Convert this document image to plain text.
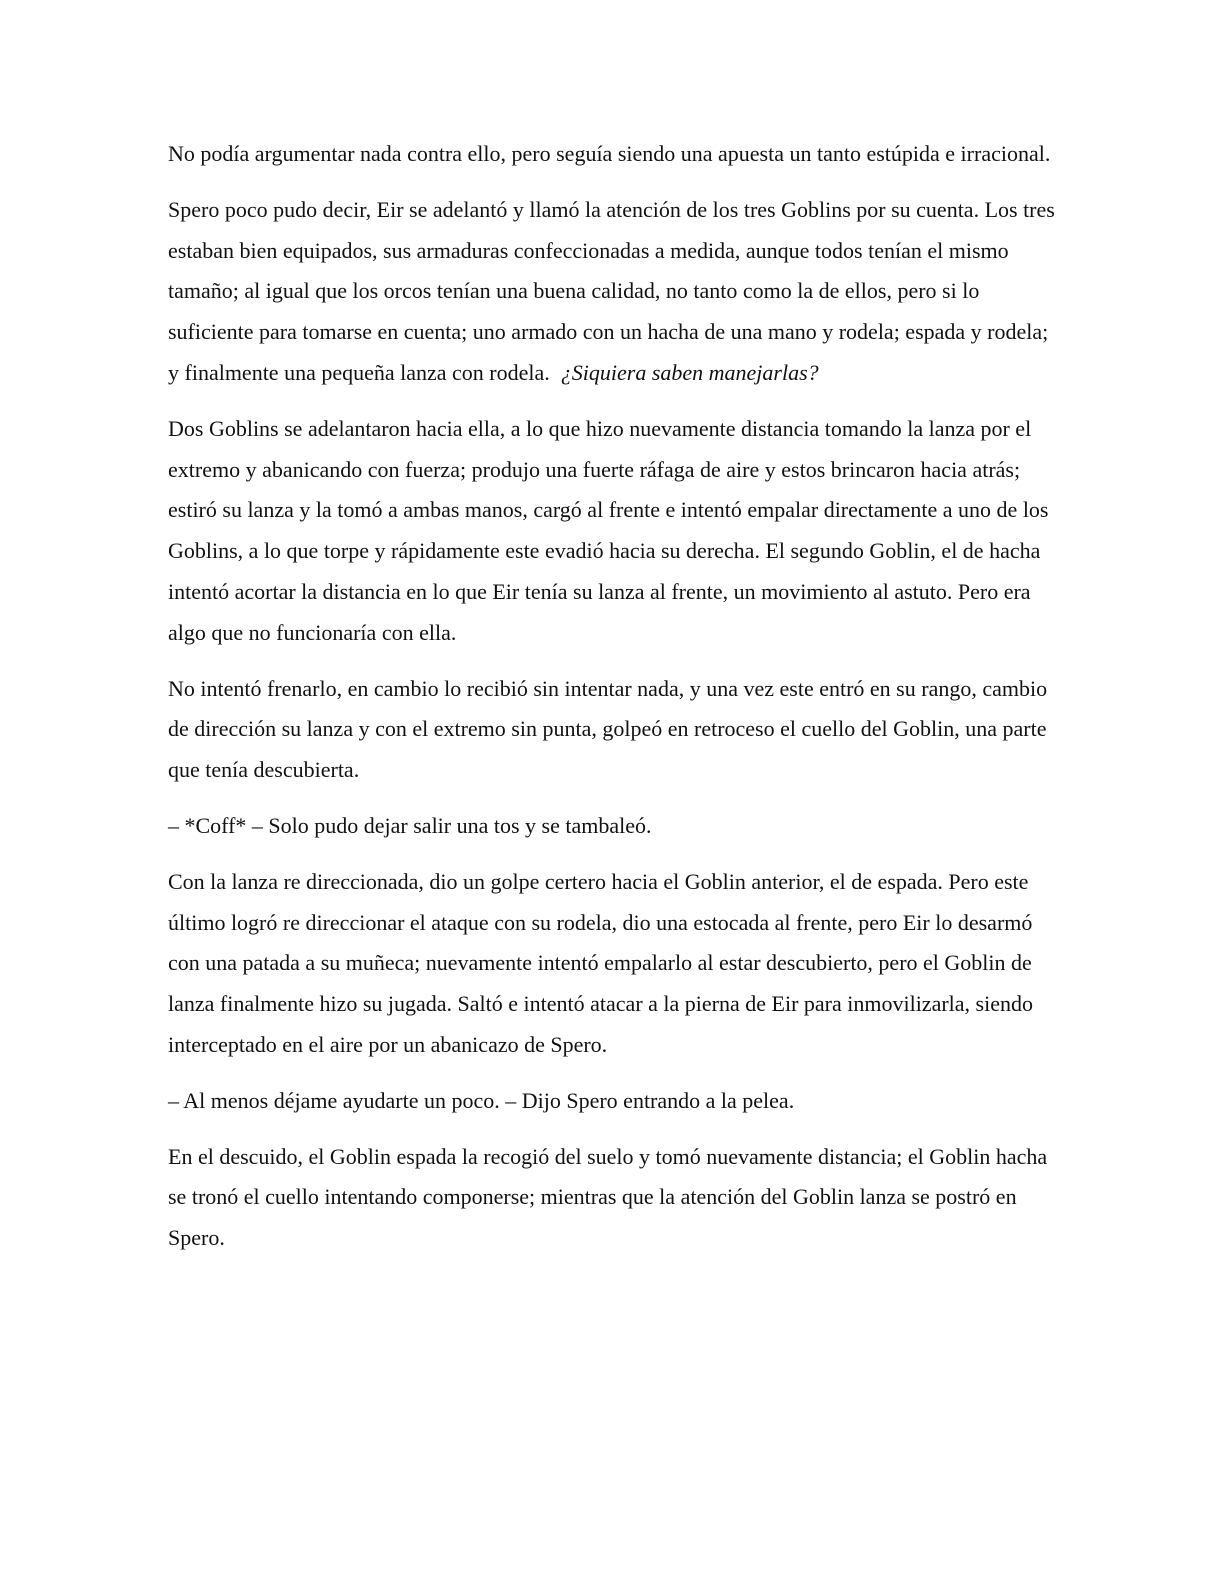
No podía argumentar nada contra ello, pero seguía siendo una apuesta un tanto estúpida e irracional.

Spero poco pudo decir, Eir se adelantó y llamó la atención de los tres Goblins por su cuenta. Los tres estaban bien equipados, sus armaduras confeccionadas a medida, aunque todos tenían el mismo tamaño; al igual que los orcos tenían una buena calidad, no tanto como la de ellos, pero si lo suficiente para tomarse en cuenta; uno armado con un hacha de una mano y rodela; espada y rodela; y finalmente una pequeña lanza con rodela. ¿Siquiera saben manejarlas?

Dos Goblins se adelantaron hacia ella, a lo que hizo nuevamente distancia tomando la lanza por el extremo y abanicando con fuerza; produjo una fuerte ráfaga de aire y estos brincaron hacia atrás; estiró su lanza y la tomó a ambas manos, cargó al frente e intentó empalar directamente a uno de los Goblins, a lo que torpe y rápidamente este evadió hacia su derecha. El segundo Goblin, el de hacha intentó acortar la distancia en lo que Eir tenía su lanza al frente, un movimiento al astuto. Pero era algo que no funcionaría con ella.

No intentó frenarlo, en cambio lo recibió sin intentar nada, y una vez este entró en su rango, cambio de dirección su lanza y con el extremo sin punta, golpeó en retroceso el cuello del Goblin, una parte que tenía descubierta.

– *Coff* – Solo pudo dejar salir una tos y se tambaleó.

Con la lanza re direccionada, dio un golpe certero hacia el Goblin anterior, el de espada. Pero este último logró re direccionar el ataque con su rodela, dio una estocada al frente, pero Eir lo desarmó con una patada a su muñeca; nuevamente intentó empalarlo al estar descubierto, pero el Goblin de lanza finalmente hizo su jugada. Saltó e intentó atacar a la pierna de Eir para inmovilizarla, siendo interceptado en el aire por un abanicazo de Spero.

– Al menos déjame ayudarte un poco. – Dijo Spero entrando a la pelea.

En el descuido, el Goblin espada la recogió del suelo y tomó nuevamente distancia; el Goblin hacha se tronó el cuello intentando componerse; mientras que la atención del Goblin lanza se postró en Spero.
